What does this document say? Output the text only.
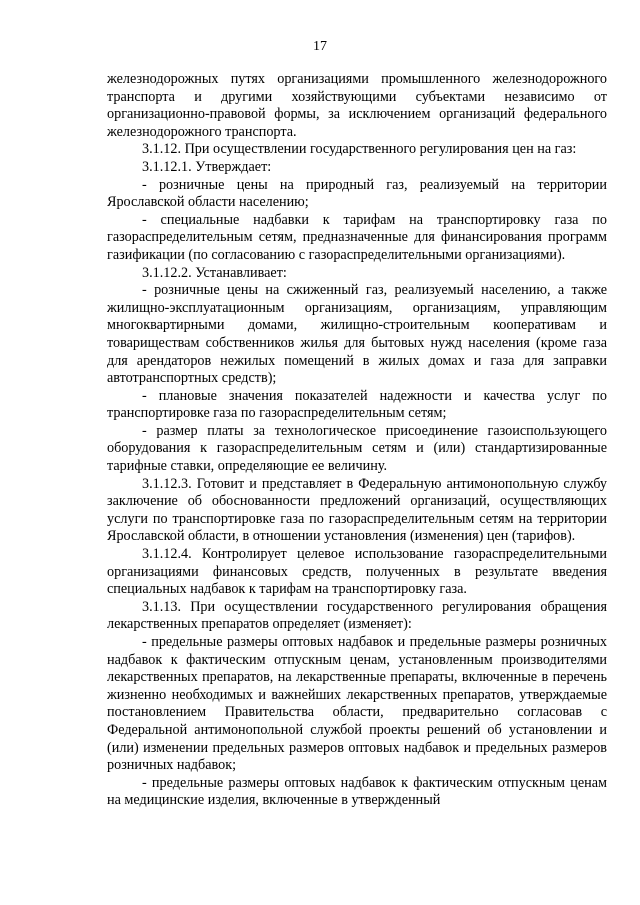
17

железнодорожных путях организациями промышленного железнодорожного транспорта и другими хозяйствующими субъектами независимо от организационно-правовой формы, за исключением организаций федерального железнодорожного транспорта.

3.1.12. При осуществлении государственного регулирования цен на газ:

3.1.12.1. Утверждает:

- розничные цены на природный газ, реализуемый на территории Ярославской области населению;

- специальные надбавки к тарифам на транспортировку газа по газораспределительным сетям, предназначенные для финансирования программ газификации (по согласованию с газораспределительными организациями).

3.1.12.2. Устанавливает:

- розничные цены на сжиженный газ, реализуемый населению, а также жилищно-эксплуатационным организациям, организациям, управляющим многоквартирными домами, жилищно-строительным кооперативам и товариществам собственников жилья для бытовых нужд населения (кроме газа для арендаторов нежилых помещений в жилых домах и газа для заправки автотранспортных средств);

- плановые значения показателей надежности и качества услуг по транспортировке газа по газораспределительным сетям;

- размер платы за технологическое присоединение газоиспользующего оборудования к газораспределительным сетям и (или) стандартизированные тарифные ставки, определяющие ее величину.

3.1.12.3. Готовит и представляет в Федеральную антимонопольную службу заключение об обоснованности предложений организаций, осуществляющих услуги по транспортировке газа по газораспределительным сетям на территории Ярославской области, в отношении установления (изменения) цен (тарифов).

3.1.12.4. Контролирует целевое использование газораспределительными организациями финансовых средств, полученных в результате введения специальных надбавок к тарифам на транспортировку газа.

3.1.13. При осуществлении государственного регулирования обращения лекарственных препаратов определяет (изменяет):

- предельные размеры оптовых надбавок и предельные размеры розничных надбавок к фактическим отпускным ценам, установленным производителями лекарственных препаратов, на лекарственные препараты, включенные в перечень жизненно необходимых и важнейших лекарственных препаратов, утверждаемые постановлением Правительства области, предварительно согласовав с Федеральной антимонопольной службой проекты решений об установлении и (или) изменении предельных размеров оптовых надбавок и предельных размеров розничных надбавок;

- предельные размеры оптовых надбавок к фактическим отпускным ценам на медицинские изделия, включенные в утвержденный
